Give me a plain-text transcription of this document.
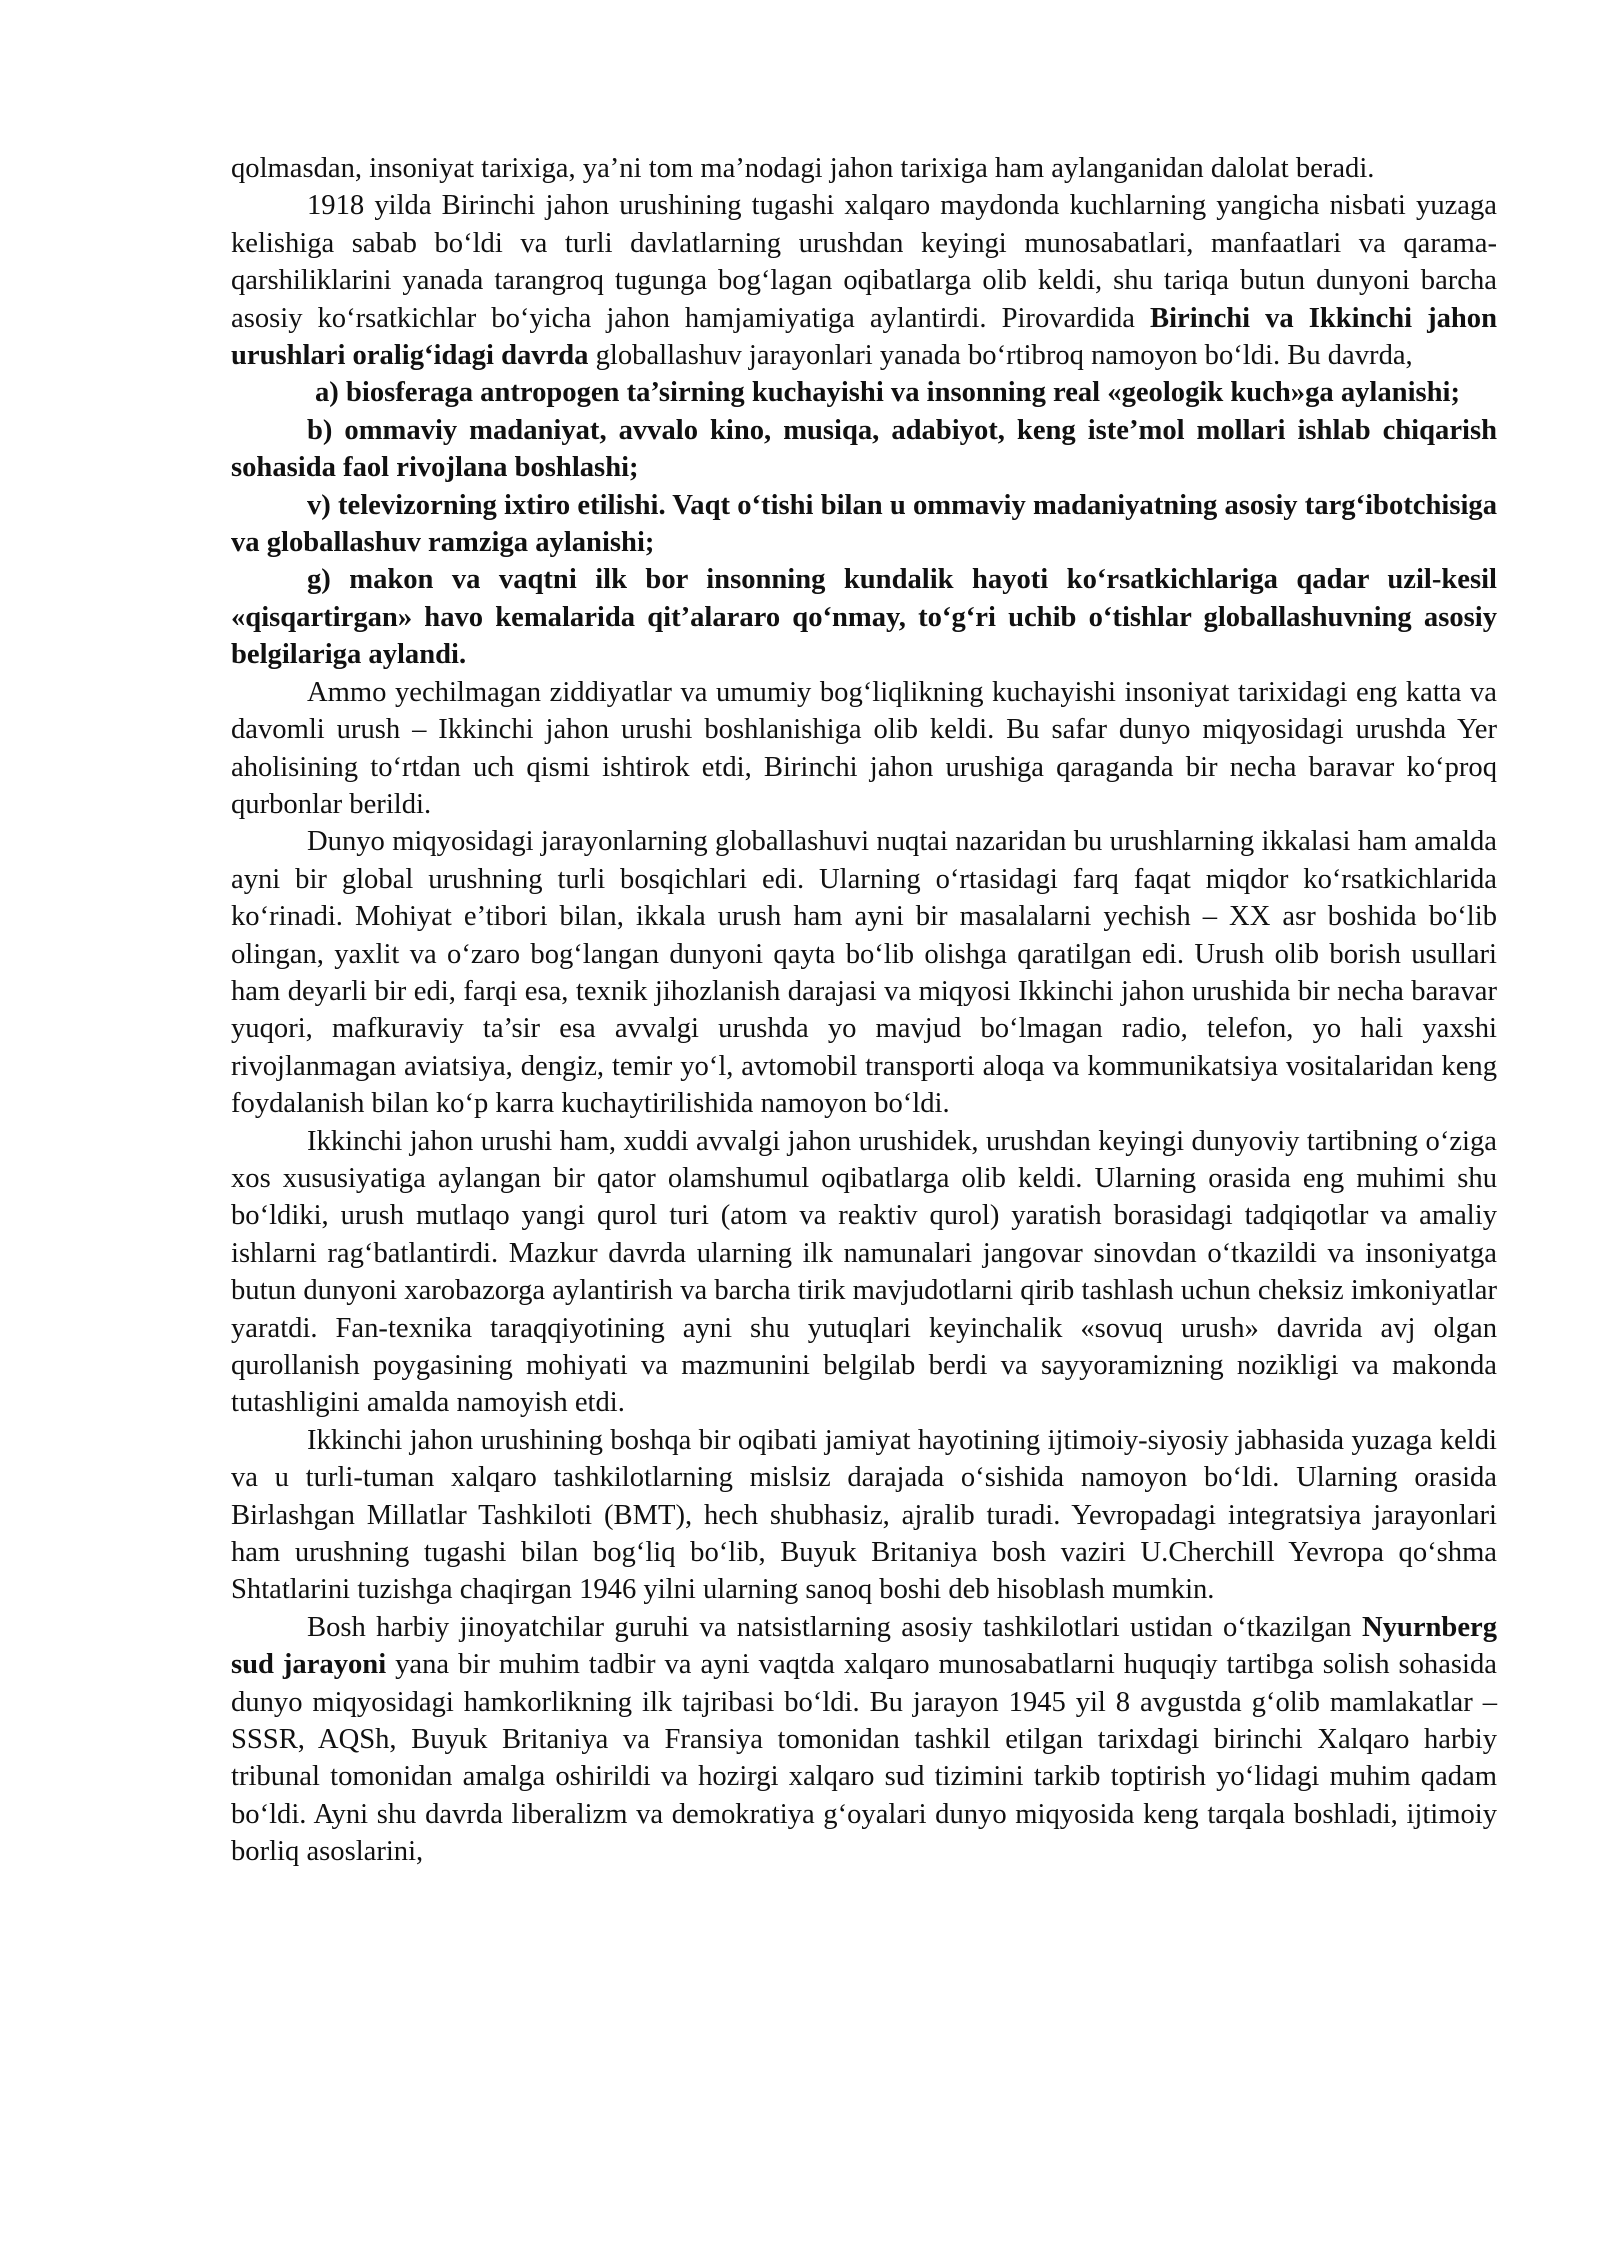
qolmasdan, insoniyat tarixiga, ya’ni tom ma’nodagi jahon tarixiga ham aylanganidan dalolat beradi.

1918 yilda Birinchi jahon urushining tugashi xalqaro maydonda kuchlarning yangicha nisbati yuzaga kelishiga sabab bo‘ldi va turli davlatlarning urushdan keyingi munosabatlari, manfaatlari va qarama-qarshiliklarini yanada tarangroq tugunga bog‘lagan oqibatlarga olib keldi, shu tariqa butun dunyoni barcha asosiy ko‘rsatkichlar bo‘yicha jahon hamjamiyatiga aylantirdi. Pirovardida Birinchi va Ikkinchi jahon urushlari oralig‘idagi davrda globallashuv jarayonlari yanada bo‘rtibroq namoyon bo‘ldi. Bu davrda,

a) biosferaga antropogen ta’sirning kuchayishi va insonning real «geologik kuch»ga aylanishi;

b) ommaviy madaniyat, avvalo kino, musiqa, adabiyot, keng iste’mol mollari ishlab chiqarish sohasida faol rivojlana boshlashi;

v) televizorning ixtiro etilishi. Vaqt o‘tishi bilan u ommaviy madaniyatning asosiy targ‘ibotchisiga va globallashuv ramziga aylanishi;

g) makon va vaqtni ilk bor insonning kundalik hayoti ko‘rsatkichlariga qadar uzil-kesil «qisqartirgan» havo kemalarida qit’alararo qo‘nmay, to‘g‘ri uchib o‘tishlar globallashuvning asosiy belgilariga aylandi.

Ammo yechilmagan ziddiyatlar va umumiy bog‘liqlikning kuchayishi insoniyat tarixidagi eng katta va davomli urush – Ikkinchi jahon urushi boshlanishiga olib keldi. Bu safar dunyo miqyosidagi urushda Yer aholisining to‘rtdan uch qismi ishtirok etdi, Birinchi jahon urushiga qaraganda bir necha baravar ko‘proq qurbonlar berildi.

Dunyo miqyosidagi jarayonlarning globallashuvi nuqtai nazaridan bu urushlarning ikkalasi ham amalda ayni bir global urushning turli bosqichlari edi. Ularning o‘rtasidagi farq faqat miqdor ko‘rsatkichlarida ko‘rinadi. Mohiyat e’tibori bilan, ikkala urush ham ayni bir masalalarni yechish – XX asr boshida bo‘lib olingan, yaxlit va o‘zaro bog‘langan dunyoni qayta bo‘lib olishga qaratilgan edi. Urush olib borish usullari ham deyarli bir edi, farqi esa, texnik jihozlanish darajasi va miqyosi Ikkinchi jahon urushida bir necha baravar yuqori, mafkuraviy ta’sir esa avvalgi urushda yo mavjud bo‘lmagan radio, telefon, yo hali yaxshi rivojlanmagan aviatsiya, dengiz, temir yo‘l, avtomobil transporti aloqa va kommunikatsiya vositalaridan keng foydalanish bilan ko‘p karra kuchaytirilishida namoyon bo‘ldi.

Ikkinchi jahon urushi ham, xuddi avvalgi jahon urushidek, urushdan keyingi dunyoviy tartibning o‘ziga xos xususiyatiga aylangan bir qator olamshumul oqibatlarga olib keldi. Ularning orasida eng muhimi shu bo‘ldiki, urush mutlaqo yangi qurol turi (atom va reaktiv qurol) yaratish borasidagi tadqiqotlar va amaliy ishlarni rag‘batlantirdi. Mazkur davrda ularning ilk namunalari jangovar sinovdan o‘tkazildi va insoniyatga butun dunyoni xarobazorga aylantirish va barcha tirik mavjudotlarni qirib tashlash uchun cheksiz imkoniyatlar yaratdi. Fan-texnika taraqqiyotining ayni shu yutuqlari keyinchalik «sovuq urush» davrida avj olgan qurollanish poygasining mohiyati va mazmunini belgilab berdi va sayyoramizning nozikligi va makonda tutashligini amalda namoyish etdi.

Ikkinchi jahon urushining boshqa bir oqibati jamiyat hayotining ijtimoiy-siyosiy jabhasida yuzaga keldi va u turli-tuman xalqaro tashkilotlarning mislsiz darajada o‘sishida namoyon bo‘ldi. Ularning orasida Birlashgan Millatlar Tashkiloti (BMT), hech shubhasiz, ajralib turadi. Yevropadagi integratsiya jarayonlari ham urushning tugashi bilan bog‘liq bo‘lib, Buyuk Britaniya bosh vaziri U.Cherchill Yevropa qo‘shma Shtatlarini tuzishga chaqirgan 1946 yilni ularning sanoq boshi deb hisoblash mumkin.

Bosh harbiy jinoyatchilar guruhi va natsistlarning asosiy tashkilotlari ustidan o‘tkazilgan Nyurnberg sud jarayoni yana bir muhim tadbir va ayni vaqtda xalqaro munosabatlarni huquqiy tartibga solish sohasida dunyo miqyosidagi hamkorlikning ilk tajribasi bo‘ldi. Bu jarayon 1945 yil 8 avgustda g‘olib mamlakatlar – SSSR, AQSh, Buyuk Britaniya va Fransiya tomonidan tashkil etilgan tarixdagi birinchi Xalqaro harbiy tribunal tomonidan amalga oshirildi va hozirgi xalqaro sud tizimini tarkib toptirish yo‘lidagi muhim qadam bo‘ldi. Ayni shu davrda liberalizm va demokratiya g‘oyalari dunyo miqyosida keng tarqala boshladi, ijtimoiy borliq asoslarini,
